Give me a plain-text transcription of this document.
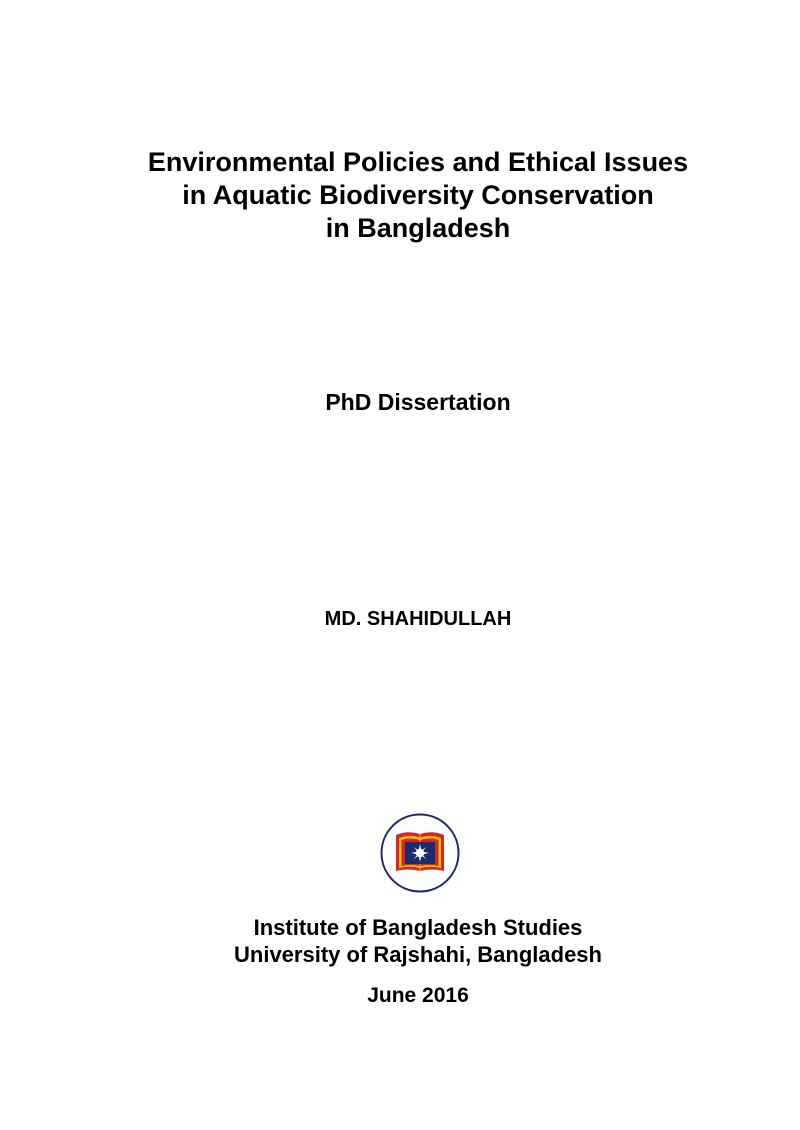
Environmental Policies and Ethical Issues
in Aquatic Biodiversity Conservation
in Bangladesh
PhD Dissertation
MD. SHAHIDULLAH
Institute of Bangladesh Studies
University of Rajshahi, Bangladesh
June 2016
